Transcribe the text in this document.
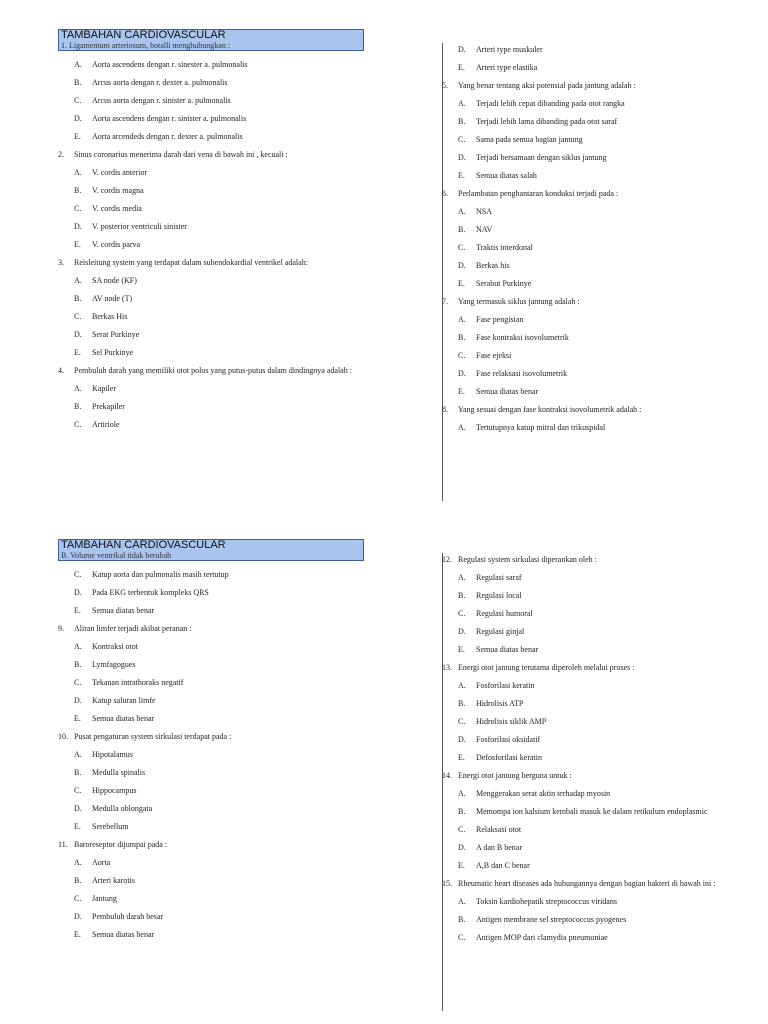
TAMBAHAN CARDIOVASCULAR
1. Ligamentum arteriosum, botalli menghubungkan :
A.	Aorta ascendens dengan r. sinester a. pulmonalis
B.	Arcus aorta dengan r. dexter a. pulmonalis
C.	Arcus aorta dengan r. sinister a. pulmonalis
D.	Aorta ascendens dengan r. sinister a. pulmonalis
E.	Aorta arcendeds dengan r. dexter a. pulmonalis
2.	Sinus coronarius menerima darah dari vena di bawah ini , kecuali :
A.	V. cordis anterior
B.	V. cordis magna
C.	V. cordis media
D.	V. posterior ventriculi sinister
E.	V. cordis parva
3.	Reisleitung system yang terdapat dalam subendokardial ventrikel adalah:
A.	SA node (KF)
B.	AV node (T)
C.	Berkas His
D.	Serat Purkinye
E.	Sel Purkinye
4.	Pembuluh darah yang memiliki otot polos yang putus-putus dalam dindingnya adalah :
A.	Kapiler
B.	Prekapiler
C.	Artiriole
D.	Arteri type muskuler
E.	Arteri type elastika
5.	Yang benar tentang aksi potensial pada jantung adalah :
A.	Terjadi lebih cepat dibanding pada otot rangka
B.	Terjadi lebih lama dibanding pada otot saraf
C.	Sama pada semua bagian jantung
D.	Terjadi bersamaan dengan siklus jantung
E.	Semua diatas salah
6.	Perlambatan penghantaran konduksi terjadi pada :
A.	NSA
B.	NAV
C.	Traktis interdonal
D.	Berkas his
E.	Serabut Purkinye
7.	Yang termasuk siklus jantung adalah :
A.	Fase pengisian
B.	Fase kontraksi isovolumetrik
C.	Fase ejeksi
D.	Fase relaksasi isovolumetrik
E.	Semua diatas benar
8.	Yang sesuai dengan fase kontraksi isovolumetrik adalah :
A.	Tertutupnya katup mitral dan trikuspidal
TAMBAHAN CARDIOVASCULAR
B. Volume ventrikal tidak berubah
C.	Katup aorta dan pulmonalis masih tertutup
D.	Pada EKG terbentuk kompleks QRS
E.	Semua diatas benar
9.	Aliran limfer terjadi akibat peranan :
A.	Kontraksi otot
B.	Lymfagogues
C.	Tekanan intrathoraks negatif
D.	Katup saluran limfe
E.	Semua diatas benar
10. Pusat pengaturan system sirkulasi terdapat pada :
A.	Hipotalamus
B.	Medulla spinalis
C.	Hippocampus
D.	Medulla oblongata
E.	Serebellum
11. Baroreseptor dijumpai pada :
A.	Aorta
B.	Arteri karotis
C.	Jantung
D.	Pembuluh darah besar
E.	Semua diatas benar
12. Regulasi system sirkulasi diperankan oleh :
A.	Regulasi saraf
B.	Regulasi local
C.	Regulasi humoral
D.	Regulasi ginjal
E.	Semua diatas benar
13. Energi otot jantung terutama diperoleh melalui proses :
A.	Fosforilasi keratin
B.	Hidrolisis ATP
C.	Hidrolisis siklik AMP
D.	Fosforilasi oksidatif
E.	Defosforilasi keratin
14. Energi otot jantung berguna untuk :
A.	Menggerakan serat aktin terhadap myosin
B.	Memompa ion kalsium kembali masuk ke dalam retikulum endoplasmic
C.	Relaksasi otot
D.	A dan B benar
E.	A,B dan C benar
15. Rheumatic heart diseases ada hubungannya dengan bagian bakteri di bawah ini :
A.	Toksin kardiohepatik streptococcus viridans
B.	Antigen membrane sel streptococcus pyogenes
C.	Antigen MOP dari clamydia pneumoniae
